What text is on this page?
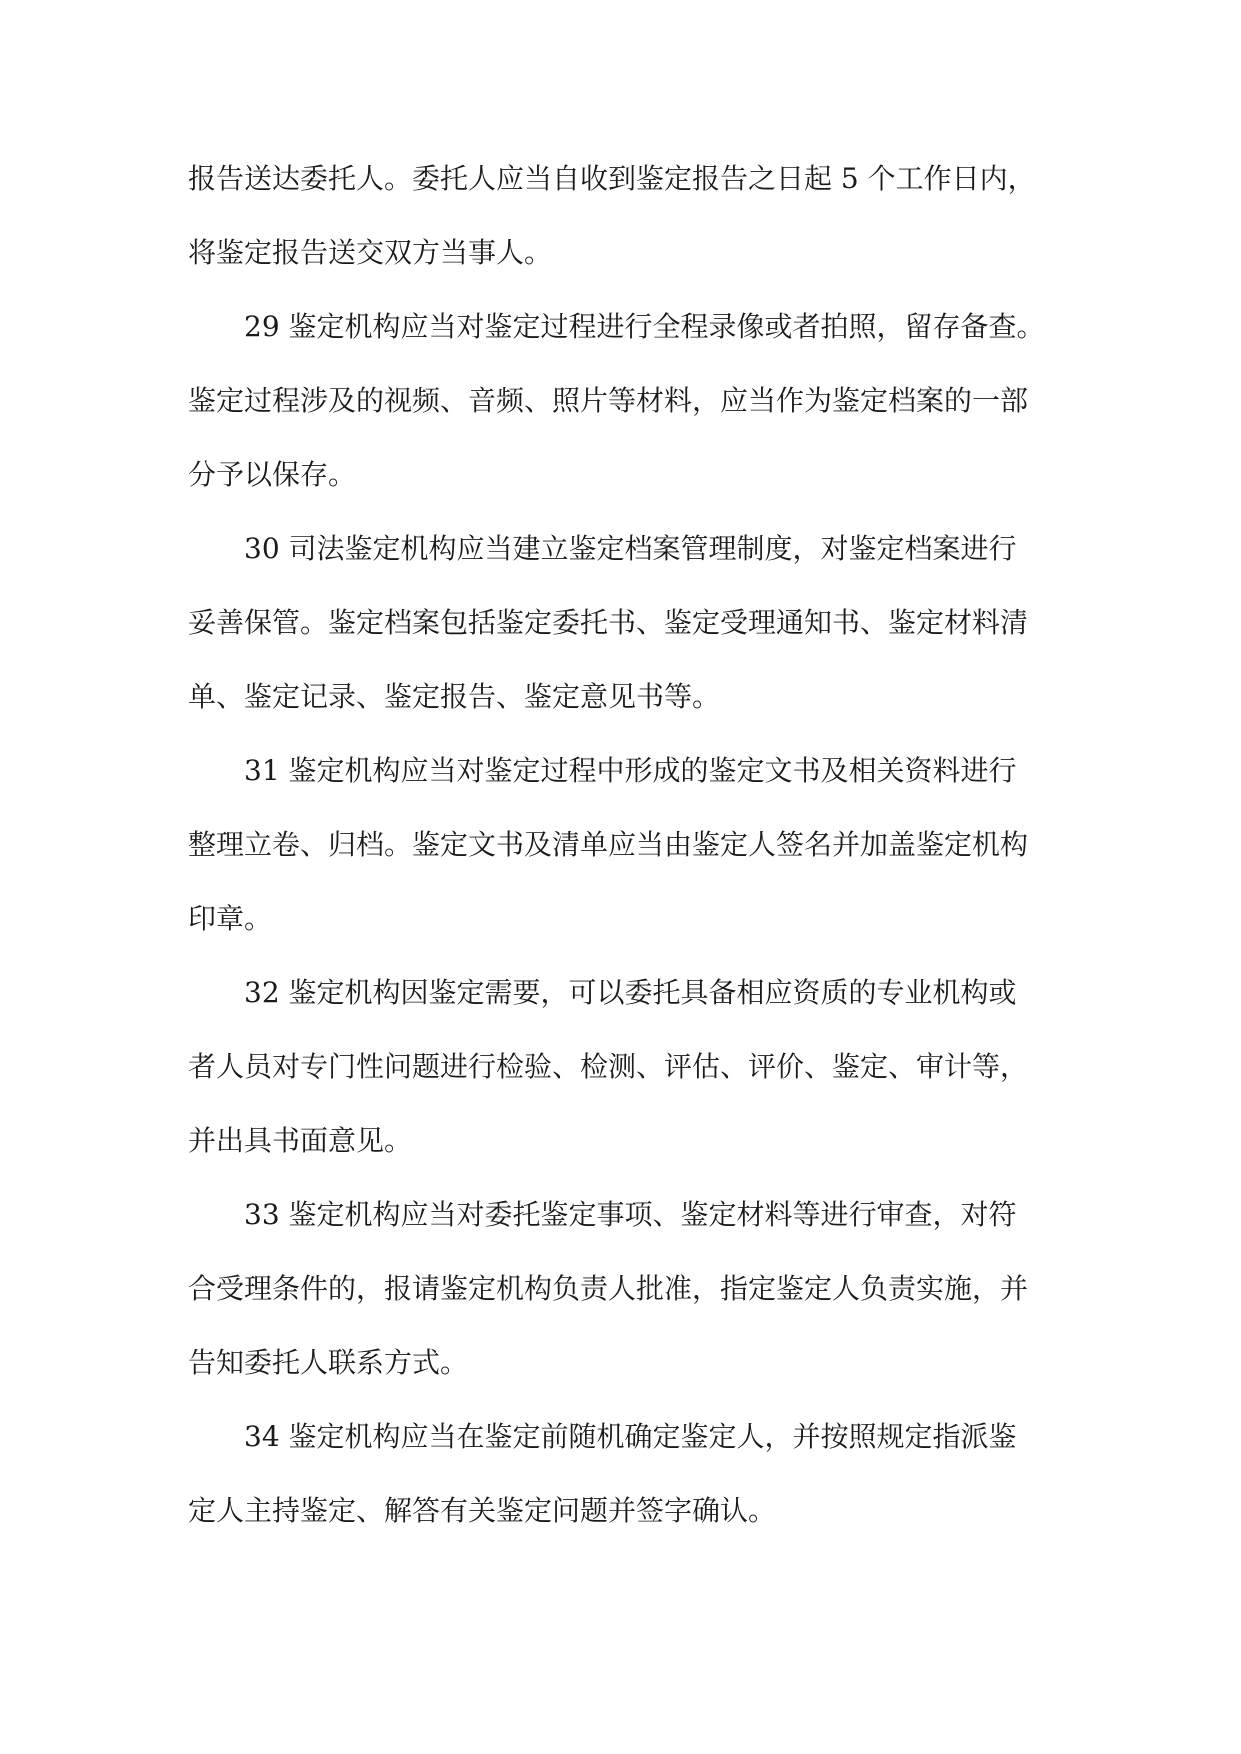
报告送达委托人。委托人应当自收到鉴定报告之日起 5 个工作日内，
将鉴定报告送交双方当事人。
29 鉴定机构应当对鉴定过程进行全程录像或者拍照，留存备查。
鉴定过程涉及的视频、音频、照片等材料，应当作为鉴定档案的一部
分予以保存。
30 司法鉴定机构应当建立鉴定档案管理制度，对鉴定档案进行
妥善保管。鉴定档案包括鉴定委托书、鉴定受理通知书、鉴定材料清
单、鉴定记录、鉴定报告、鉴定意见书等。
31 鉴定机构应当对鉴定过程中形成的鉴定文书及相关资料进行
整理立卷、归档。鉴定文书及清单应当由鉴定人签名并加盖鉴定机构
印章。
32 鉴定机构因鉴定需要，可以委托具备相应资质的专业机构或
者人员对专门性问题进行检验、检测、评估、评价、鉴定、审计等，
并出具书面意见。
33 鉴定机构应当对委托鉴定事项、鉴定材料等进行审查，对符
合受理条件的，报请鉴定机构负责人批准，指定鉴定人负责实施，并
告知委托人联系方式。
34 鉴定机构应当在鉴定前随机确定鉴定人，并按照规定指派鉴
定人主持鉴定、解答有关鉴定问题并签字确认。
